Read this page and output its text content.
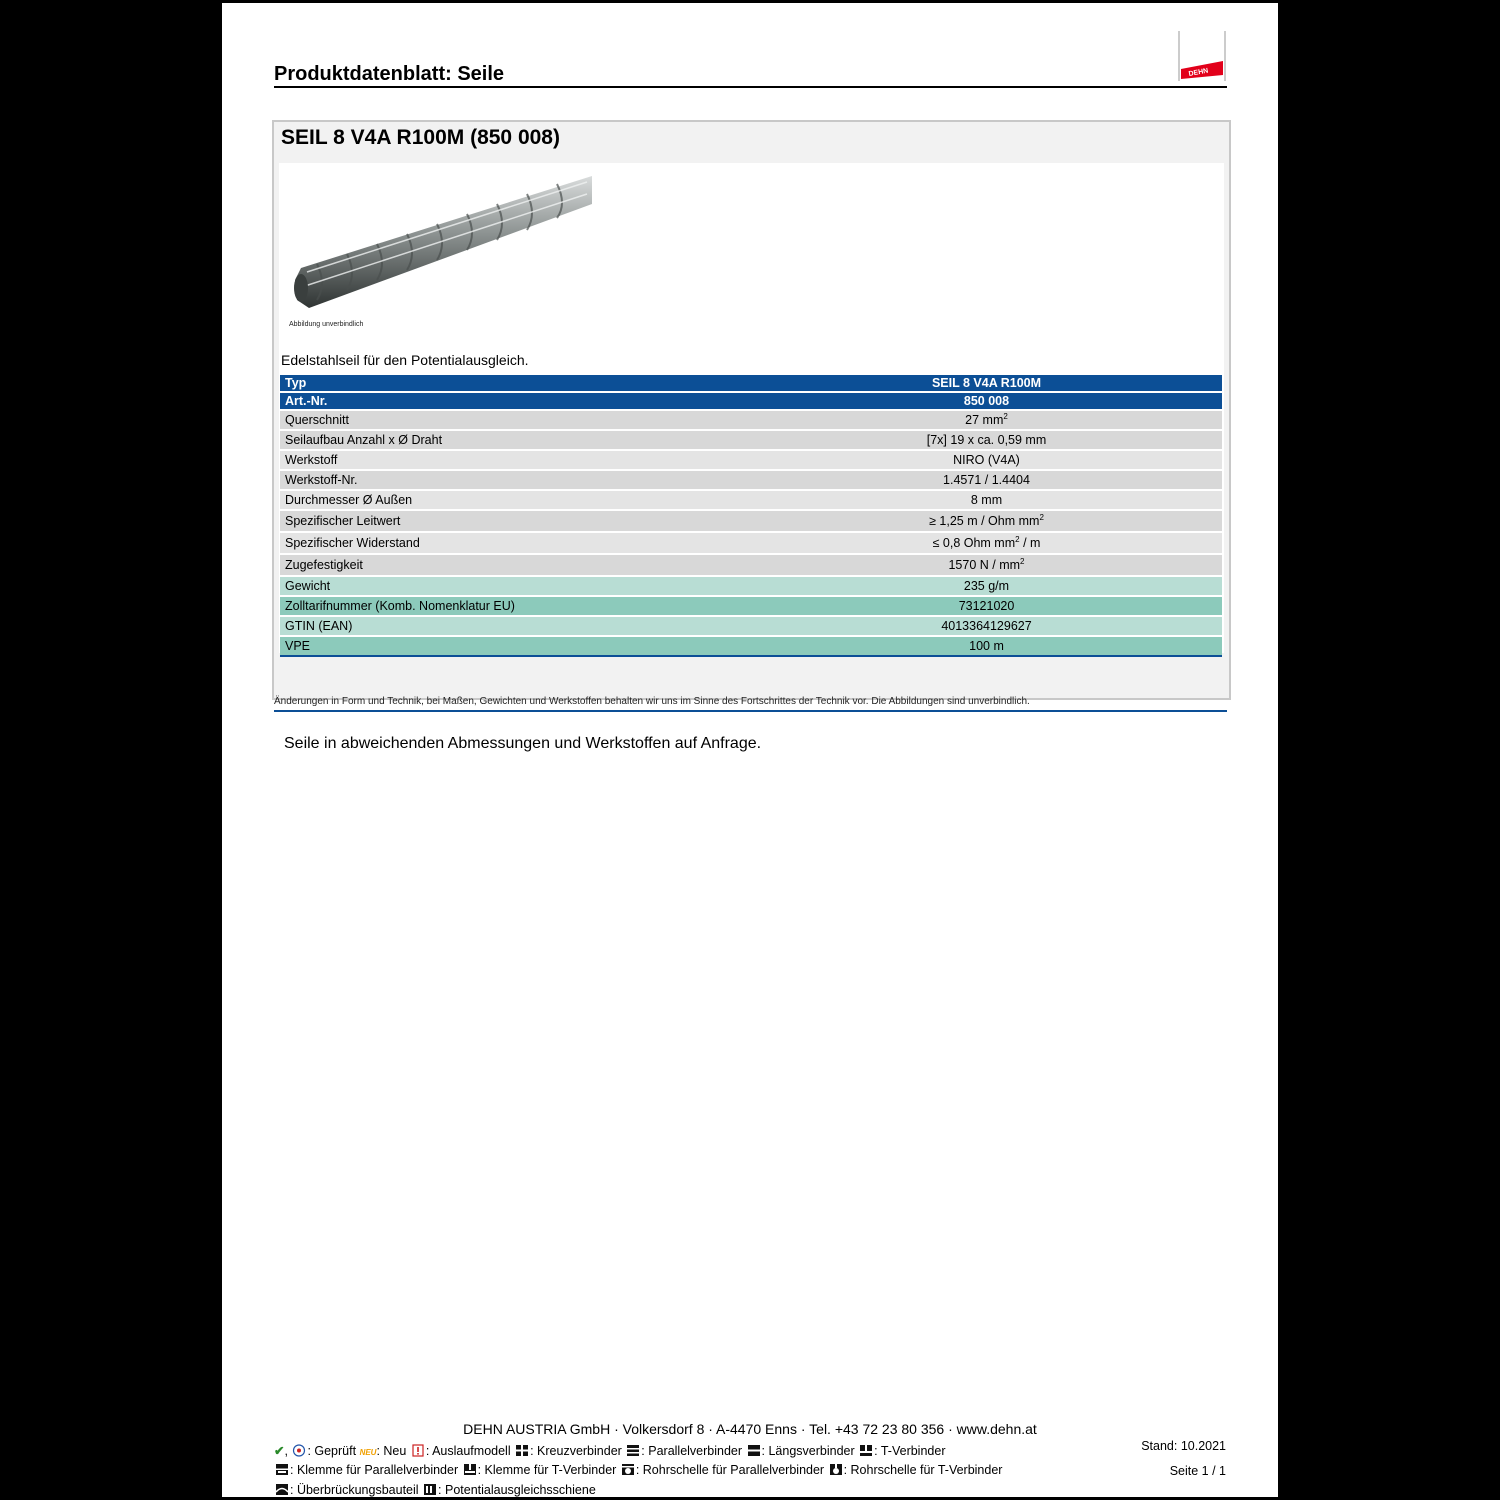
Produktdatenblatt: Seile	DEHN
SEIL 8 V4A R100M (850 008)
Abbildung unverbindlich
Edelstahlseil für den Potentialausgleich.
Typ	SEIL 8 V4A R100M
Art.-Nr.	850 008
Querschnitt	27 $mm^2$
Seilaufbau Anzahl x Ø Draht	[7x] 19 x ca. 0,59 mm
Werkstoff	NIRO (V4A)
Werkstoff-Nr.	1.4571 / 1.4404
Durchmesser Ø Außen	8 mm
Spezifischer Leitwert	≥ 1,25 m / Ohm $mm^2$
Spezifischer Widerstand	≤ 0,8 Ohm $mm^2$ / m
Zugefestigkeit	1570 N / $mm^2$
Gewicht	235 g/m
Zolltarifnummer (Komb. Nomenklatur EU)	73121020
GTIN (EAN)	4013364129627
VPE	100 m
Änderungen in Form und Technik, bei Maßen, Gewichten und Werkstoffen behalten wir uns im Sinne des Fortschrittes der Technik vor. Die Abbildungen sind unverbindlich.
Seile in abweichenden Abmessungen und Werkstoffen auf Anfrage.
DEHN AUSTRIA GmbH · Volkersdorf 8 · A-4470 Enns · Tel. +43 72 23 80 356 · www.dehn.at
✔, : Geprüft NEU: Neu : Auslaufmodell : Kreuzverbinder : Parallelverbinder : Längsverbinder : T-Verbinder
: Klemme für Parallelverbinder : Klemme für T-Verbinder : Rohrschelle für Parallelverbinder : Rohrschelle für T-Verbinder
: Überbrückungsbauteil : Potentialausgleichsschiene
Stand: 10.2021
Seite 1 / 1
